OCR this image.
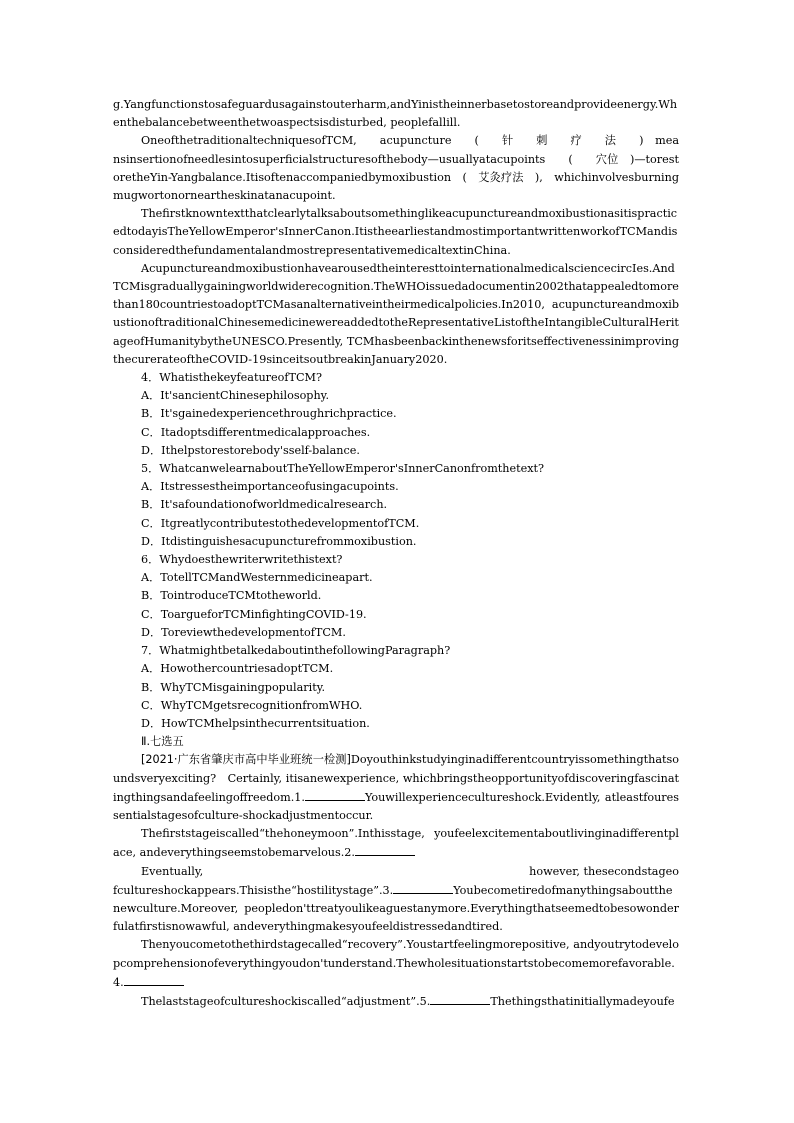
g.Yangfunctionstosafeguardusagainstouterharm,andYinistheinnerbasetostoreandprovideenergy.Whenthebalancebetweenthetwoaspectsisdisturbed, peoplefallill.

OneofthetraditionaltechniquesofTCM,　　acupuncture　　(　　针　　刺　　疗　　法　　)　meansinsertionofneedlesintosuperficialstructuresofthebody—usuallyatacupoints　　(　　穴位　)—torestoretheYin-Yangbalance.Itisoftenaccompaniedbymoxibustion　(　艾灸疗法　),　whichinvolvesburningmugwortonorneartheskinatanacupoint.

ThefirstknowntextthatclearlytalksaboutsomethinglikeacupunctureandmoxibustionasitispracticedtodayisTheYellowEmperor'sInnerCanon.ItistheearliestandmostimportantwrittenworkofTCMandisconsideredthefundamentalandmostrepresentativemedicaltextinChina.

AcupunctureandmoxibustionhavearousedtheinteresttointernationalmedicalsciencecircIes.AndTCMisgraduallygainingworldwiderecognition.TheWHOissuedadocumentin2002thatappealedtomorethan180countriestoadoptTCMasanalternativeintheirmedicalpolicies.In2010, acupunctureandmoxibustionoftraditionalChinesemedicinewereaddedtotheRepresentativeListoftheIntangibleCulturalHeritageofHumanitybytheUNESCO.Presently, TCMhasbeenbackinthenewsforitseffectivenessinimprovingthecurerateoftheCOVID-19sinceitsoutbreakinJanuary2020.

4．WhatisthekeyfeatureofTCM?

A．It'sancientChinesephilosophy.

B．It'sgainedexperiencethroughrichpractice.

C．Itadoptsdifferentmedicalapproaches.

D．Ithelpstorestorebody'sself-balance.

5．WhatcanwelearnaboutTheYellowEmperor'sInnerCanonfromthetext?

A．Itstressestheimportanceofusingacupoints.

B．It'safoundationofworldmedicalresearch.

C．ItgreatlycontributestothedevelopmentofTCM.

D．Itdistinguishesacupuncturefrommoxibustion.

6．Whydoesthewriterwritethistext?

A．TotellTCMandWesternmedicineapart.

B．TointroduceTCMtotheworld.

C．ToargueforTCMinfightingCOVID-19.

D．ToreviewthedevelopmentofTCM.

7．WhatmightbetalkedaboutinthefollowingParagraph?

A．HowothercountriesadoptTCM.

B．WhyTCMisgainingpopularity.

C．WhyTCMgetsrecognitionfromWHO.

D．HowTCMhelpsinthecurrentsituation.

Ⅱ.七选五

[2021·广东省肇庆市高中毕业班统一检测]Doyouthinkstudyinginadifferentcountryissomethingthatsoundsveryexciting?　Certainly, itisanewexperience, whichbringstheopportunityofdiscoveringfascinatingthingsandafeelingoffreedom.1.	Youwillexperiencecultureshock.Evidently, atleastfouressentialstagesofculture-shockadjustmentoccur.

Thefirststageiscalled“thehoneymoon”.Inthisstage, youfeelexcitementaboutlivinginadifferentplace, andeverythingseemstobemarvelous.2.

Eventually,　　　　　　　　　　　　　　　　　　　　　　　　　　　　　however, thesecondstageofcultureshockappears.Thisisthe“hostilitystage”.3.	Youbecometiredofmanythingsaboutthenewculture.Moreover, peopledon'ttreatyoulikeaguestanymore.Everythingthatseemedtobesowonderfulatfirstisnowawful, andeverythingmakesyoufeeldistressedandtired.

Thenyoucometothethirdstagecalled“recovery”.Youstartfeelingmorepositive, andyoutrytodevelopcomprehensionofeverythingyoudon'tunderstand.Thewholesituationstartstobecomemorefavorable.4.

Thelaststageofcultureshockiscalled“adjustment”.5.	Thethingsthatinitiallymadeyoufe
